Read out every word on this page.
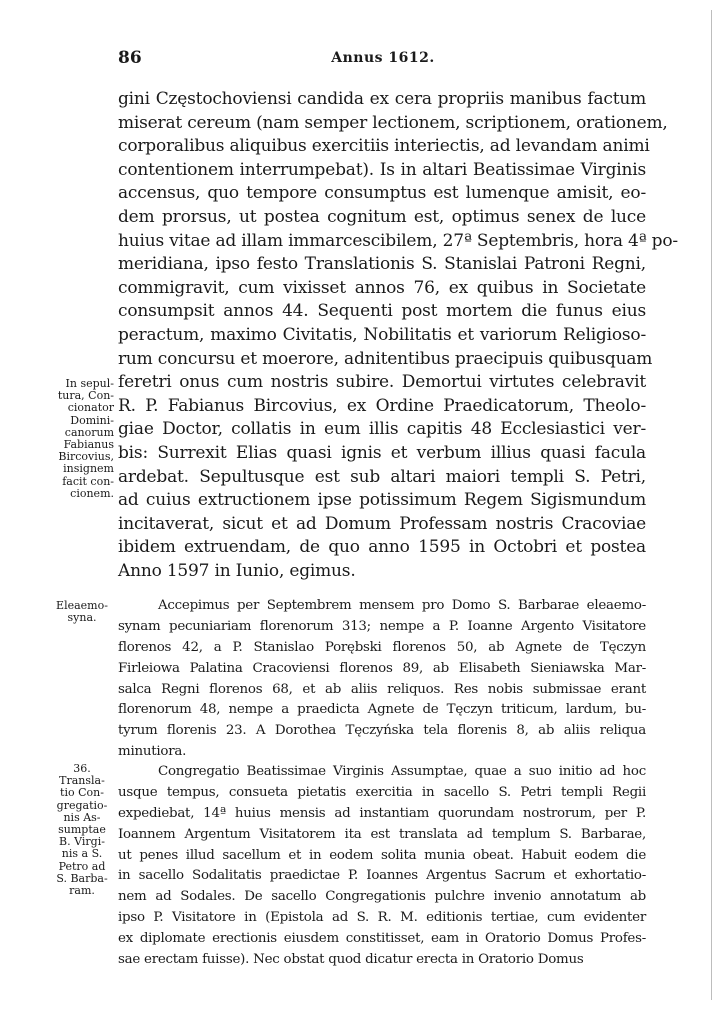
86	Annus 1612.
gini Częstochoviensi candida ex cera propriis manibus factum
miserat cereum (nam semper lectionem, scriptionem, orationem,
corporalibus aliquibus exercitiis interiectis, ad levandam animi
contentionem interrumpebat). Is in altari Beatissimae Virginis
accensus, quo tempore consumptus est lumenque amisit, eo-
dem prorsus, ut postea cognitum est, optimus senex de luce
huius vitae ad illam immarcescibilem, 27ª Septembris, hora 4ª po-
meridiana, ipso festo Translationis S. Stanislai Patroni Regni,
commigravit, cum vixisset annos 76, ex quibus in Societate
consumpsit annos 44. Sequenti post mortem die funus eius
peractum, maximo Civitatis, Nobilitatis et variorum Religioso-
rum concursu et moerore, adnitentibus praecipuis quibusquam
feretri onus cum nostris subire. Demortui virtutes celebravit
R. P. Fabianus Bircovius, ex Ordine Praedicatorum, Theolo-
giae Doctor, collatis in eum illis capitis 48 Ecclesiastici ver-
bis: Surrexit Elias quasi ignis et verbum illius quasi facula
ardebat. Sepultusque est sub altari maiori templi S. Petri,
ad cuius extructionem ipse potissimum Regem Sigismundum
incitaverat, sicut et ad Domum Professam nostris Cracoviae
ibidem extruendam, de quo anno 1595 in Octobri et postea
Anno 1597 in Iunio, egimus.
Accepimus per Septembrem mensem pro Domo S. Barbarae eleaemo-
synam pecuniariam florenorum 313; nempe a P. Ioanne Argento Visitatore
florenos 42, a P. Stanislao Porębski florenos 50, ab Agnete de Tęczyn
Firleiowa Palatina Cracoviensi florenos 89, ab Elisabeth Sieniawska Mar-
salca Regni florenos 68, et ab aliis reliquos. Res nobis submissae erant
florenorum 48, nempe a praedicta Agnete de Tęczyn triticum, lardum, bu-
tyrum florenis 23. A Dorothea Tęczyńska tela florenis 8, ab aliis reliqua
minutiora.
Congregatio Beatissimae Virginis Assumptae, quae a suo initio ad hoc
usque tempus, consueta pietatis exercitia in sacello S. Petri templi Regii
expediebat, 14ª huius mensis ad instantiam quorundam nostrorum, per P.
Ioannem Argentum Visitatorem ita est translata ad templum S. Barbarae,
ut penes illud sacellum et in eodem solita munia obeat. Habuit eodem die
in sacello Sodalitatis praedictae P. Ioannes Argentus Sacrum et exhortatio-
nem ad Sodales. De sacello Congregationis pulchre invenio annotatum ab
ipso P. Visitatore in (Epistola ad S. R. M. editionis tertiae, cum evidenter
ex diplomate erectionis eiusdem constitisset, eam in Oratorio Domus Profes-
sae erectam fuisse). Nec obstat quod dicatur erecta in Oratorio Domus
In sepul-
tura, Con-
cionator
Domini-
canorum
Fabianus
Bircovius,
insignem
facit con-
cionem.
Eleaemo-
syna.
36.
Transla-
tio Con-
gregatio-
nis As-
sumptae
B. Virgi-
nis a S.
Petro ad
S. Barba-
ram.
